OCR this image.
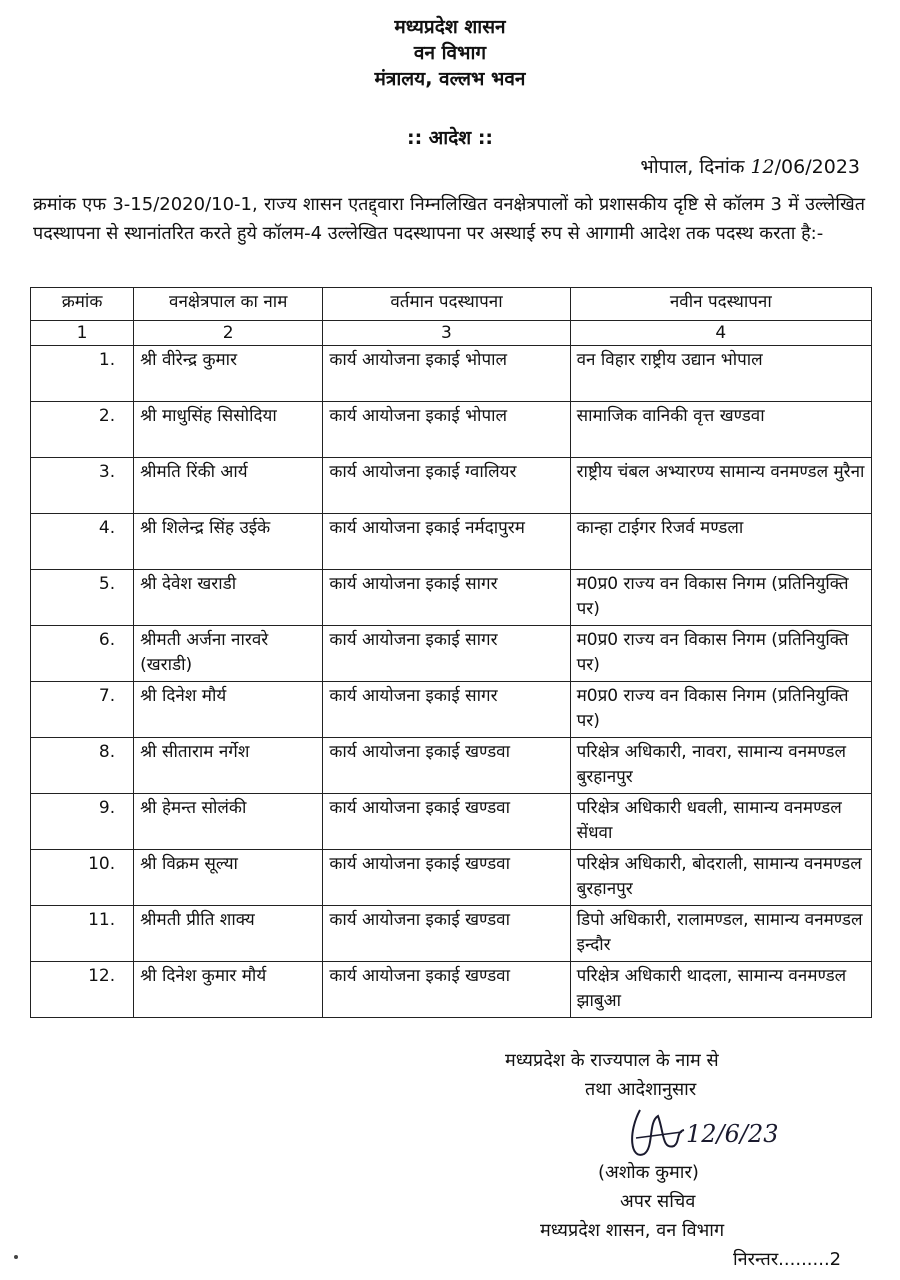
मध्यप्रदेश शासन
वन विभाग
मंत्रालय, वल्लभ भवन
:: आदेश ::
भोपाल, दिनांक 12/06/2023
क्रमांक एफ 3-15/2020/10-1, राज्य शासन एतद्द्वारा निम्नलिखित वनक्षेत्रपालों को प्रशासकीय दृष्टि से कॉलम 3 में उल्लेखित पदस्थापना से स्थानांतरित करते हुये कॉलम-4 उल्लेखित पदस्थापना पर अस्थाई रुप से आगामी आदेश तक पदस्थ करता है:-
क्रमांक	वनक्षेत्रपाल का नाम	वर्तमान पदस्थापना	नवीन पदस्थापना
1	2	3	4
1.	श्री वीरेन्द्र कुमार	कार्य आयोजना इकाई भोपाल	वन विहार राष्ट्रीय उद्यान भोपाल
2.	श्री माधुसिंह सिसोदिया	कार्य आयोजना इकाई भोपाल	सामाजिक वानिकी वृत्त खण्डवा
3.	श्रीमति रिंकी आर्य	कार्य आयोजना इकाई ग्वालियर	राष्ट्रीय चंबल अभ्यारण्य सामान्य वनमण्डल मुरैना
4.	श्री शिलेन्द्र सिंह उईके	कार्य आयोजना इकाई नर्मदापुरम	कान्हा टाईगर रिजर्व मण्डला
5.	श्री देवेश खराडी	कार्य आयोजना इकाई सागर	म0प्र0 राज्य वन विकास निगम (प्रतिनियुक्ति पर)
6.	श्रीमती अर्जना नारवरे (खराडी)	कार्य आयोजना इकाई सागर	म0प्र0 राज्य वन विकास निगम (प्रतिनियुक्ति पर)
7.	श्री दिनेश मौर्य	कार्य आयोजना इकाई सागर	म0प्र0 राज्य वन विकास निगम (प्रतिनियुक्ति पर)
8.	श्री सीताराम नर्गेश	कार्य आयोजना इकाई खण्डवा	परिक्षेत्र अधिकारी, नावरा, सामान्य वनमण्डल बुरहानपुर
9.	श्री हेमन्त सोलंकी	कार्य आयोजना इकाई खण्डवा	परिक्षेत्र अधिकारी धवली, सामान्य वनमण्डल सेंधवा
10.	श्री विक्रम सूल्या	कार्य आयोजना इकाई खण्डवा	परिक्षेत्र अधिकारी, बोदराली, सामान्य वनमण्डल बुरहानपुर
11.	श्रीमती प्रीति शाक्य	कार्य आयोजना इकाई खण्डवा	डिपो अधिकारी, रालामण्डल, सामान्य वनमण्डल इन्दौर
12.	श्री दिनेश कुमार मौर्य	कार्य आयोजना इकाई खण्डवा	परिक्षेत्र अधिकारी थादला, सामान्य वनमण्डल झाबुआ
मध्यप्रदेश के राज्यपाल के नाम से
तथा आदेशानुसार
12/6/23
(अशोक कुमार)
अपर सचिव
मध्यप्रदेश शासन, वन विभाग
निरन्तर.........2
